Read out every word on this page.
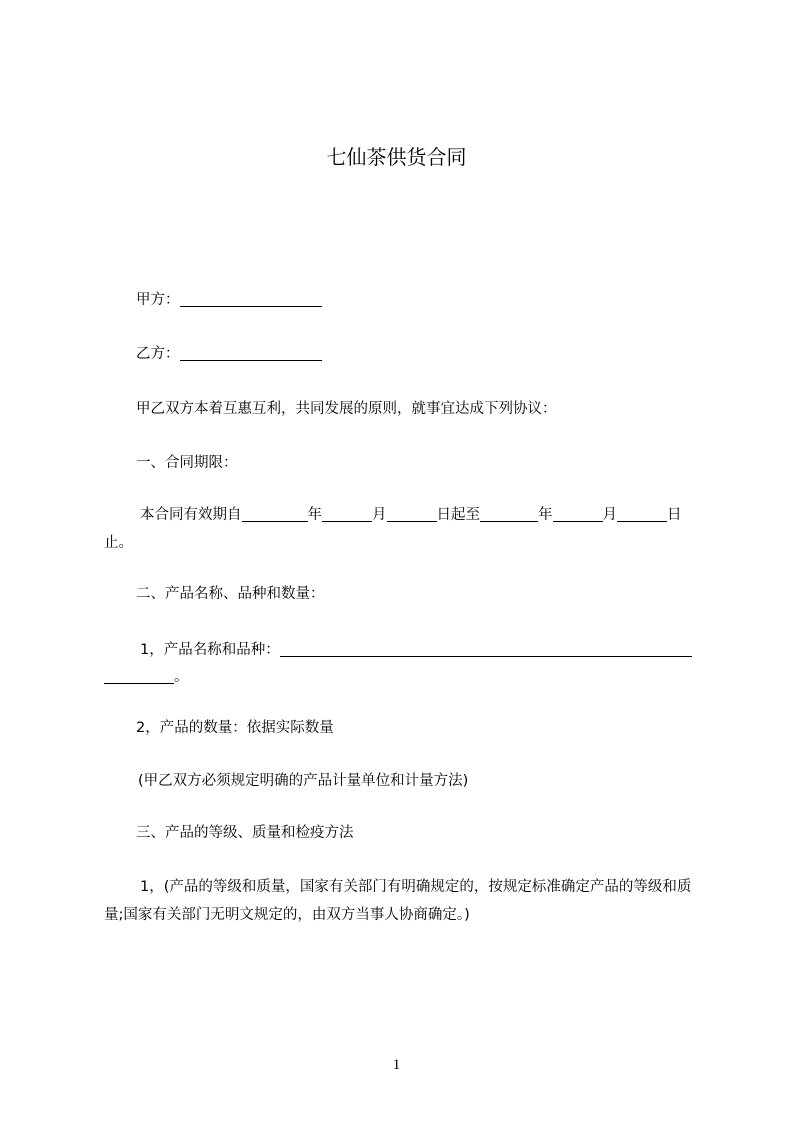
七仙茶供货合同
甲方：
乙方：
甲乙双方本着互惠互利，共同发展的原则，就事宜达成下列协议：
一、合同期限：
本合同有效期自	年	月	日起至	年	月	日
止。
二、产品名称、品种和数量：
1，产品名称和品种：
。
2，产品的数量：依据实际数量
(甲乙双方必须规定明确的产品计量单位和计量方法)
三、产品的等级、质量和检疫方法
1，(产品的等级和质量，国家有关部门有明确规定的，按规定标准确定产品的等级和质量;国家有关部门无明文规定的，由双方当事人协商确定。)
1
